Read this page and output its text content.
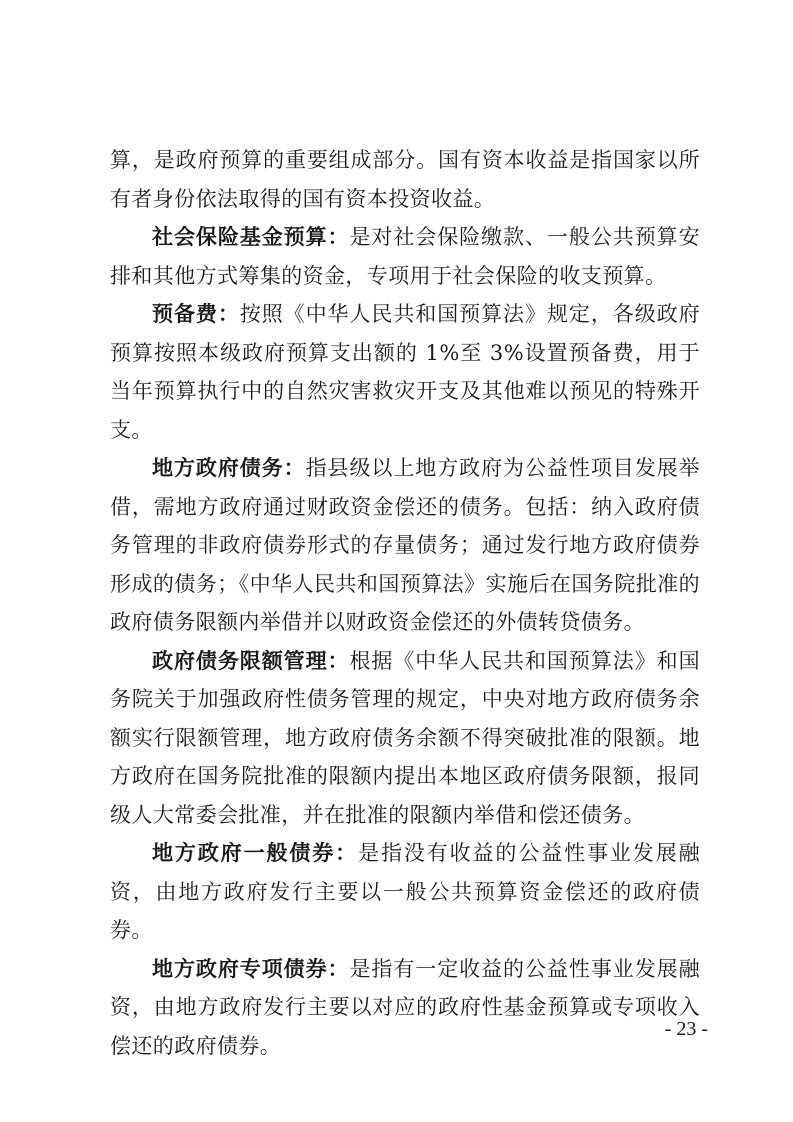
算，是政府预算的重要组成部分。国有资本收益是指国家以所有者身份依法取得的国有资本投资收益。

社会保险基金预算：是对社会保险缴款、一般公共预算安排和其他方式筹集的资金，专项用于社会保险的收支预算。

预备费：按照《中华人民共和国预算法》规定，各级政府预算按照本级政府预算支出额的 1%至 3%设置预备费，用于当年预算执行中的自然灾害救灾开支及其他难以预见的特殊开支。

地方政府债务：指县级以上地方政府为公益性项目发展举借，需地方政府通过财政资金偿还的债务。包括：纳入政府债务管理的非政府债券形式的存量债务；通过发行地方政府债券形成的债务；《中华人民共和国预算法》实施后在国务院批准的政府债务限额内举借并以财政资金偿还的外债转贷债务。

政府债务限额管理：根据《中华人民共和国预算法》和国务院关于加强政府性债务管理的规定，中央对地方政府债务余额实行限额管理，地方政府债务余额不得突破批准的限额。地方政府在国务院批准的限额内提出本地区政府债务限额，报同级人大常委会批准，并在批准的限额内举借和偿还债务。

地方政府一般债券：是指没有收益的公益性事业发展融资，由地方政府发行主要以一般公共预算资金偿还的政府债券。

地方政府专项债券：是指有一定收益的公益性事业发展融资，由地方政府发行主要以对应的政府性基金预算或专项收入偿还的政府债券。

- 23 -
